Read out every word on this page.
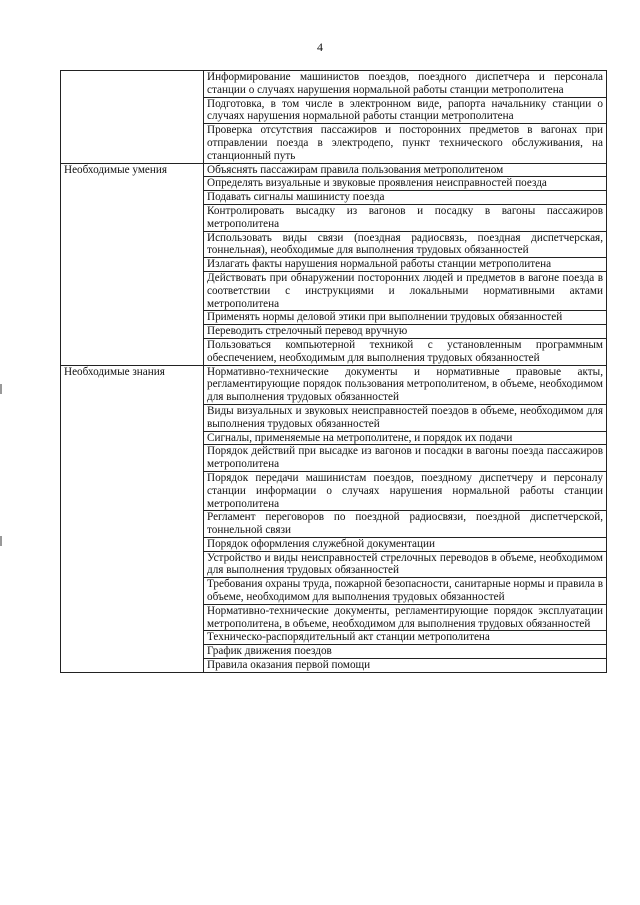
4
	Информирование машинистов поездов, поездного диспетчера и персонала станции о случаях нарушения нормальной работы станции метрополитена
	Подготовка, в том числе в электронном виде, рапорта начальнику станции о случаях нарушения нормальной работы станции метрополитена
	Проверка отсутствия пассажиров и посторонних предметов в вагонах при отправлении поезда в электродепо, пункт технического обслуживания, на станционный путь
Необходимые умения	Объяснять пассажирам правила пользования метрополитеном
	Определять визуальные и звуковые проявления неисправностей поезда
	Подавать сигналы машинисту поезда
	Контролировать высадку из вагонов и посадку в вагоны пассажиров метрополитена
	Использовать виды связи (поездная радиосвязь, поездная диспетчерская, тоннельная), необходимые для выполнения трудовых обязанностей
	Излагать факты нарушения нормальной работы станции метрополитена
	Действовать при обнаружении посторонних людей и предметов в вагоне поезда в соответствии с инструкциями и локальными нормативными актами метрополитена
	Применять нормы деловой этики при выполнении трудовых обязанностей
	Переводить стрелочный перевод вручную
	Пользоваться компьютерной техникой с установленным программным обеспечением, необходимым для выполнения трудовых обязанностей
Необходимые знания	Нормативно-технические документы и нормативные правовые акты, регламентирующие порядок пользования метрополитеном, в объеме, необходимом для выполнения трудовых обязанностей
	Виды визуальных и звуковых неисправностей поездов в объеме, необходимом для выполнения трудовых обязанностей
	Сигналы, применяемые на метрополитене, и порядок их подачи
	Порядок действий при высадке из вагонов и посадки в вагоны поезда пассажиров метрополитена
	Порядок передачи машинистам поездов, поездному диспетчеру и персоналу станции информации о случаях нарушения нормальной работы станции метрополитена
	Регламент переговоров по поездной радиосвязи, поездной диспетчерской, тоннельной связи
	Порядок оформления служебной документации
	Устройство и виды неисправностей стрелочных переводов в объеме, необходимом для выполнения трудовых обязанностей
	Требования охраны труда, пожарной безопасности, санитарные нормы и правила в объеме, необходимом для выполнения трудовых обязанностей
	Нормативно-технические документы, регламентирующие порядок эксплуатации метрополитена, в объеме, необходимом для выполнения трудовых обязанностей
	Техническо-распорядительный акт станции метрополитена
	График движения поездов
	Правила оказания первой помощи
